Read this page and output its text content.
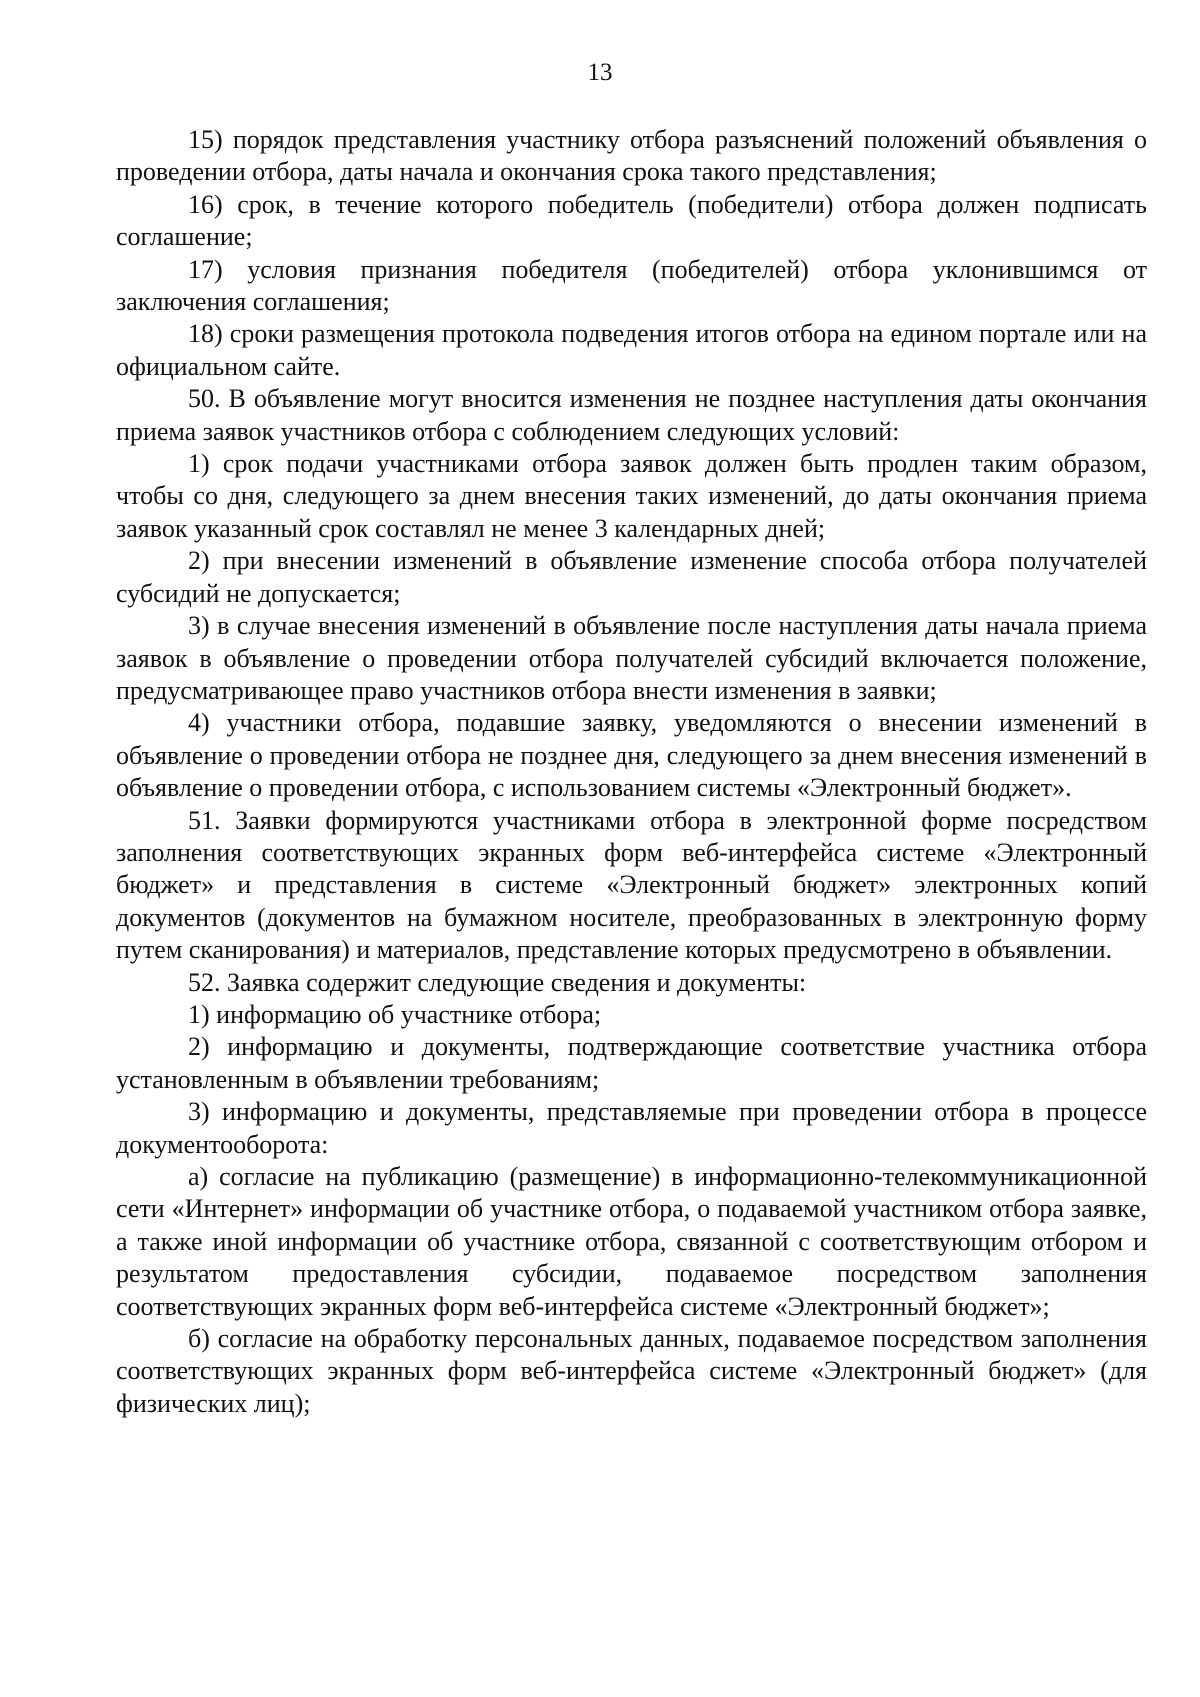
13

15) порядок представления участнику отбора разъяснений положений объявления о проведении отбора, даты начала и окончания срока такого представления;

16) срок, в течение которого победитель (победители) отбора должен подписать соглашение;

17) условия признания победителя (победителей) отбора уклонившимся от заключения соглашения;

18) сроки размещения протокола подведения итогов отбора на едином портале или на официальном сайте.

50. В объявление могут вносится изменения не позднее наступления даты окончания приема заявок участников отбора с соблюдением следующих условий:

1) срок подачи участниками отбора заявок должен быть продлен таким образом, чтобы со дня, следующего за днем внесения таких изменений, до даты окончания приема заявок указанный срок составлял не менее 3 календарных дней;

2) при внесении изменений в объявление изменение способа отбора получателей субсидий не допускается;

3) в случае внесения изменений в объявление после наступления даты начала приема заявок в объявление о проведении отбора получателей субсидий включается положение, предусматривающее право участников отбора внести изменения в заявки;

4) участники отбора, подавшие заявку, уведомляются о внесении изменений в объявление о проведении отбора не позднее дня, следующего за днем внесения изменений в объявление о проведении отбора, с использованием системы «Электронный бюджет».

51. Заявки формируются участниками отбора в электронной форме посредством заполнения соответствующих экранных форм веб-интерфейса системе «Электронный бюджет» и представления в системе «Электронный бюджет» электронных копий документов (документов на бумажном носителе, преобразованных в электронную форму путем сканирования) и материалов, представление которых предусмотрено в объявлении.

52. Заявка содержит следующие сведения и документы:

1) информацию об участнике отбора;

2) информацию и документы, подтверждающие соответствие участника отбора установленным в объявлении требованиям;

3) информацию и документы, представляемые при проведении отбора в процессе документооборота:

а) согласие на публикацию (размещение) в информационно-телекоммуникационной сети «Интернет» информации об участнике отбора, о подаваемой участником отбора заявке, а также иной информации об участнике отбора, связанной с соответствующим отбором и результатом предоставления субсидии, подаваемое посредством заполнения соответствующих экранных форм веб-интерфейса системе «Электронный бюджет»;

б) согласие на обработку персональных данных, подаваемое посредством заполнения соответствующих экранных форм веб-интерфейса системе «Электронный бюджет» (для физических лиц);
